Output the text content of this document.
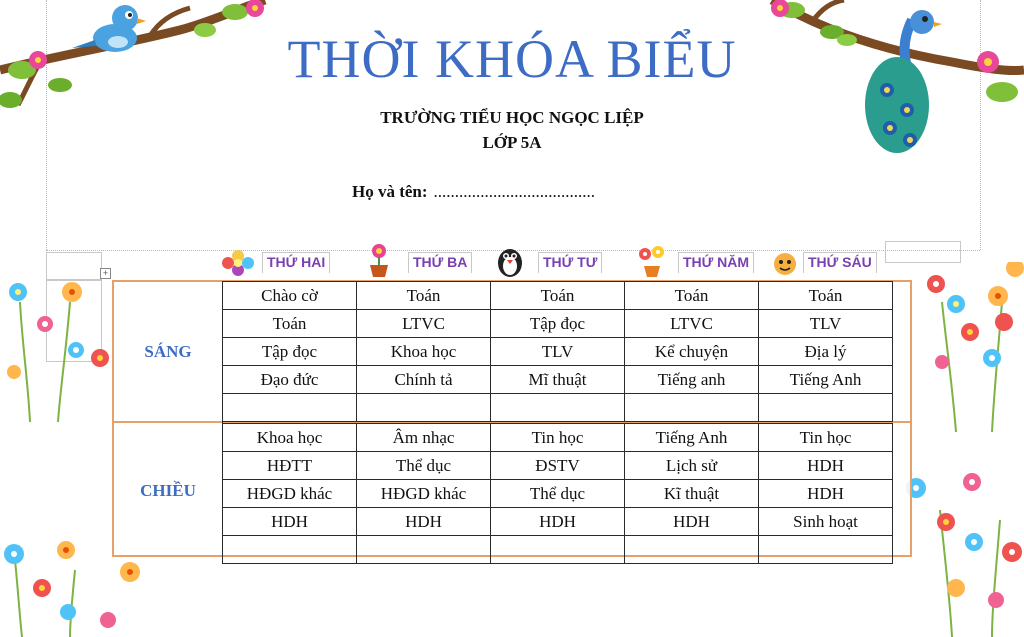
THỜI KHÓA BIỂU
TRƯỜNG TIỂU HỌC NGỌC LIỆP
LỚP 5A
Họ và tên: ......................................
+
THỨ HAI	THỨ BA	THỨ TƯ	THỨ NĂM	THỨ SÁU
SÁNG
CHIỀU
Chào cờ	Toán	Toán	Toán	Toán
Toán	LTVC	Tập đọc	LTVC	TLV
Tập đọc	Khoa học	TLV	Kể chuyện	Địa lý
Đạo đức	Chính tả	Mĩ thuật	Tiếng anh	Tiếng Anh

Khoa học	Âm nhạc	Tin học	Tiếng Anh	Tin học
HĐTT	Thể dục	ĐSTV	Lịch sử	HDH
HĐGD khác	HĐGD khác	Thể dục	Kĩ thuật	HDH
HDH	HDH	HDH	HDH	Sinh hoạt
